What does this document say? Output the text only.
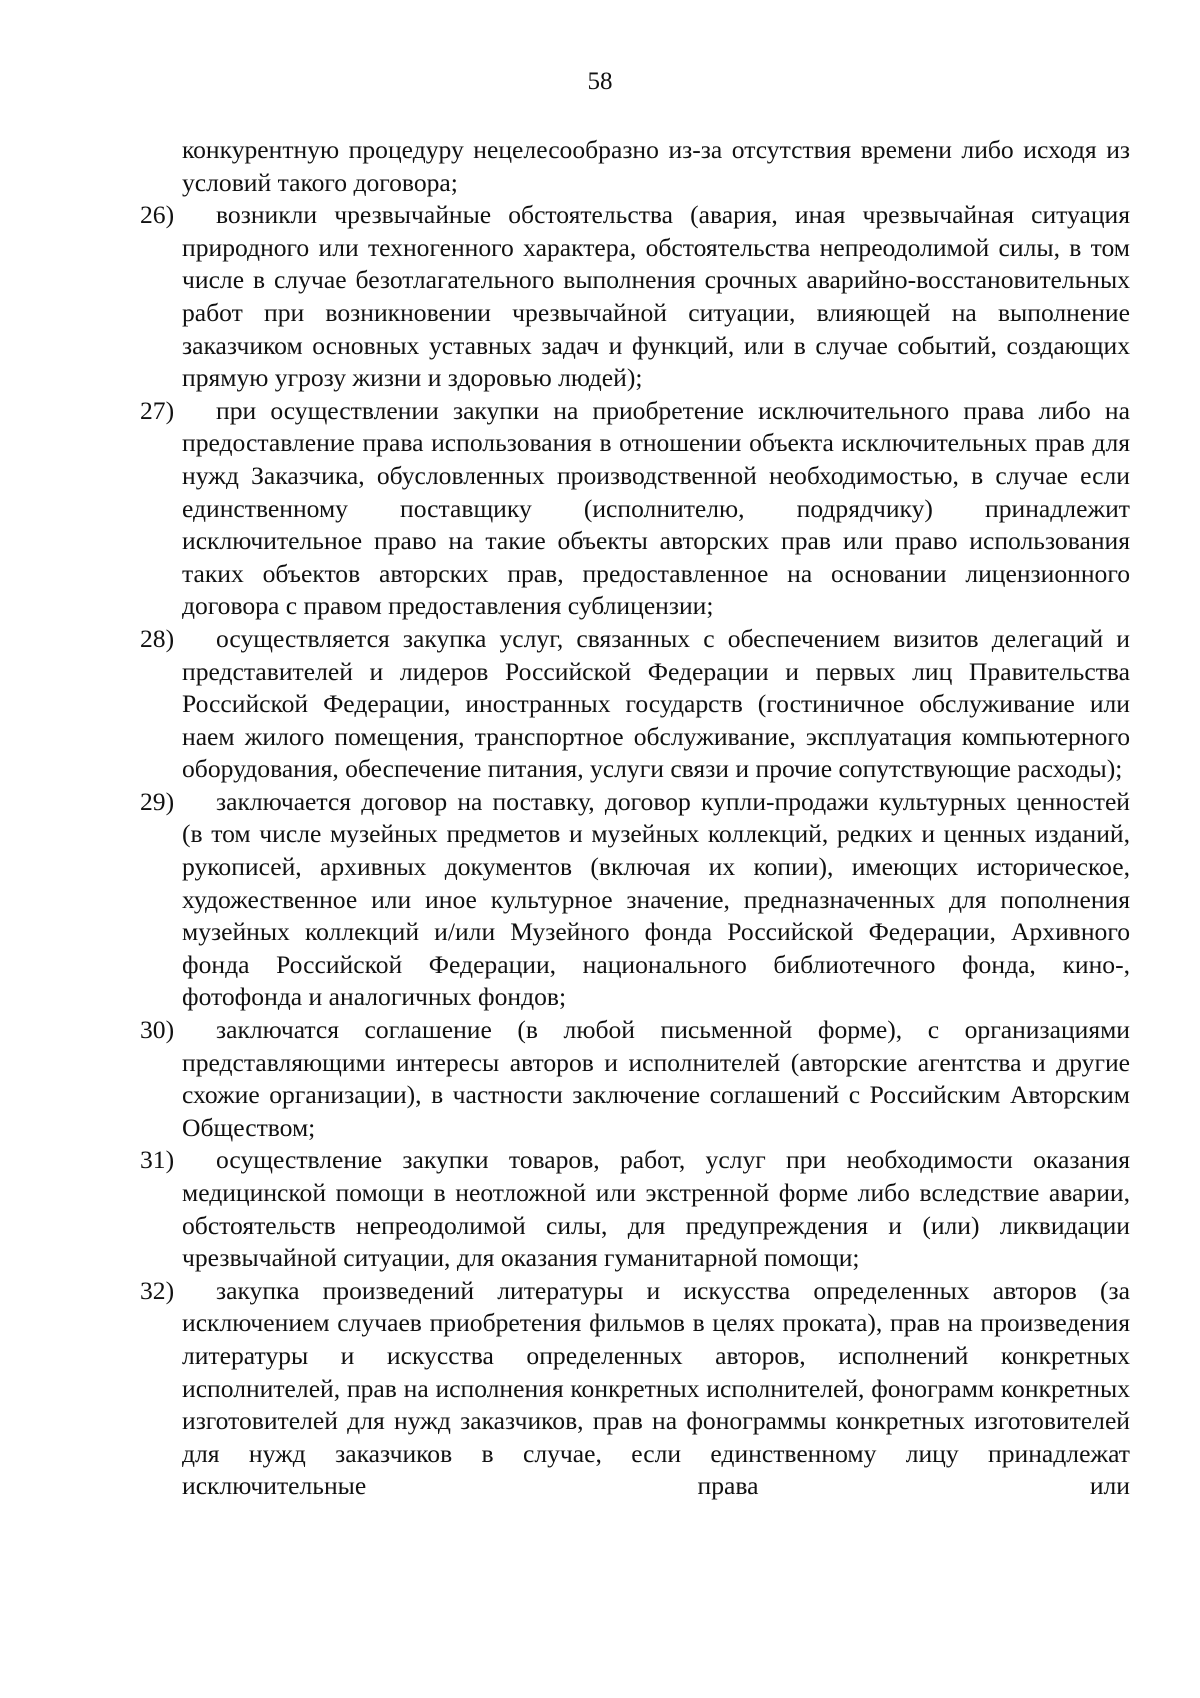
58

конкурентную процедуру нецелесообразно из-за отсутствия времени либо исходя из условий такого договора;

26)	возникли чрезвычайные обстоятельства (авария, иная чрезвычайная ситуация природного или техногенного характера, обстоятельства непреодолимой силы, в том числе в случае безотлагательного выполнения срочных аварийно-восстановительных работ при возникновении чрезвычайной ситуации, влияющей на выполнение заказчиком основных уставных задач и функций, или в случае событий, создающих прямую угрозу жизни и здоровью людей);
27)	при осуществлении закупки на приобретение исключительного права либо на предоставление права использования в отношении объекта исключительных прав для нужд Заказчика, обусловленных производственной необходимостью, в случае если единственному поставщику (исполнителю, подрядчику) принадлежит исключительное право на такие объекты авторских прав или право использования таких объектов авторских прав, предоставленное на основании лицензионного договора с правом предоставления сублицензии;
28)	осуществляется закупка услуг, связанных с обеспечением визитов делегаций и представителей и лидеров Российской Федерации и первых лиц Правительства Российской Федерации, иностранных государств (гостиничное обслуживание или наем жилого помещения, транспортное обслуживание, эксплуатация компьютерного оборудования, обеспечение питания, услуги связи и прочие сопутствующие расходы);
29)	заключается договор на поставку, договор купли-продажи культурных ценностей (в том числе музейных предметов и музейных коллекций, редких и ценных изданий, рукописей, архивных документов (включая их копии), имеющих историческое, художественное или иное культурное значение, предназначенных для пополнения музейных коллекций и/или Музейного фонда Российской Федерации, Архивного фонда Российской Федерации, национального библиотечного фонда, кино-, фотофонда и аналогичных фондов;
30)	заключатся соглашение (в любой письменной форме), с организациями представляющими интересы авторов и исполнителей (авторские агентства и другие схожие организации), в частности заключение соглашений с Российским Авторским Обществом;
31)	осуществление закупки товаров, работ, услуг при необходимости оказания медицинской помощи в неотложной или экстренной форме либо вследствие аварии, обстоятельств непреодолимой силы, для предупреждения и (или) ликвидации чрезвычайной ситуации, для оказания гуманитарной помощи;
32)	закупка произведений литературы и искусства определенных авторов (за исключением случаев приобретения фильмов в целях проката), прав на произведения литературы и искусства определенных авторов, исполнений конкретных исполнителей, прав на исполнения конкретных исполнителей, фонограмм конкретных изготовителей для нужд заказчиков, прав на фонограммы конкретных изготовителей для нужд заказчиков в случае, если единственному лицу принадлежат исключительные права или
